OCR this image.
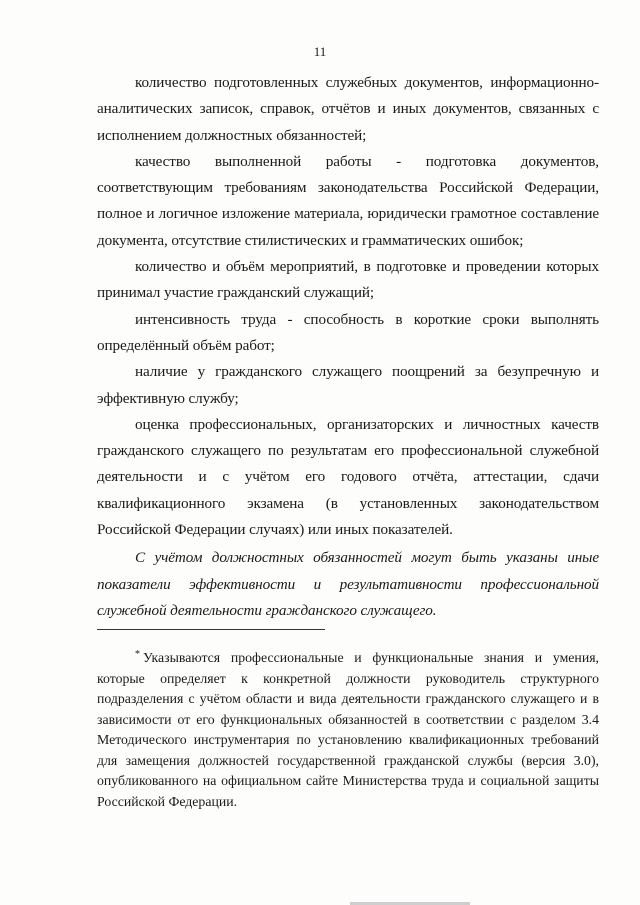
11

количество подготовленных служебных документов, информационно-аналитических записок, справок, отчётов и иных документов, связанных с исполнением должностных обязанностей;

качество выполненной работы - подготовка документов, соответствующим требованиям законодательства Российской Федерации, полное и логичное изложение материала, юридически грамотное составление документа, отсутствие стилистических и грамматических ошибок;

количество и объём мероприятий, в подготовке и проведении которых принимал участие гражданский служащий;

интенсивность труда - способность в короткие сроки выполнять определённый объём работ;

наличие у гражданского служащего поощрений за безупречную и эффективную службу;

оценка профессиональных, организаторских и личностных качеств гражданского служащего по результатам его профессиональной служебной деятельности и с учётом его годового отчёта, аттестации, сдачи квалификационного экзамена (в установленных законодательством Российской Федерации случаях) или иных показателей.

С учётом должностных обязанностей могут быть указаны иные показатели эффективности и результативности профессиональной служебной деятельности гражданского служащего.

* Указываются профессиональные и функциональные знания и умения, которые определяет к конкретной должности руководитель структурного подразделения с учётом области и вида деятельности гражданского служащего и в зависимости от его функциональных обязанностей в соответствии с разделом 3.4 Методического инструментария по установлению квалификационных требований для замещения должностей государственной гражданской службы (версия 3.0), опубликованного на официальном сайте Министерства труда и социальной защиты Российской Федерации.
